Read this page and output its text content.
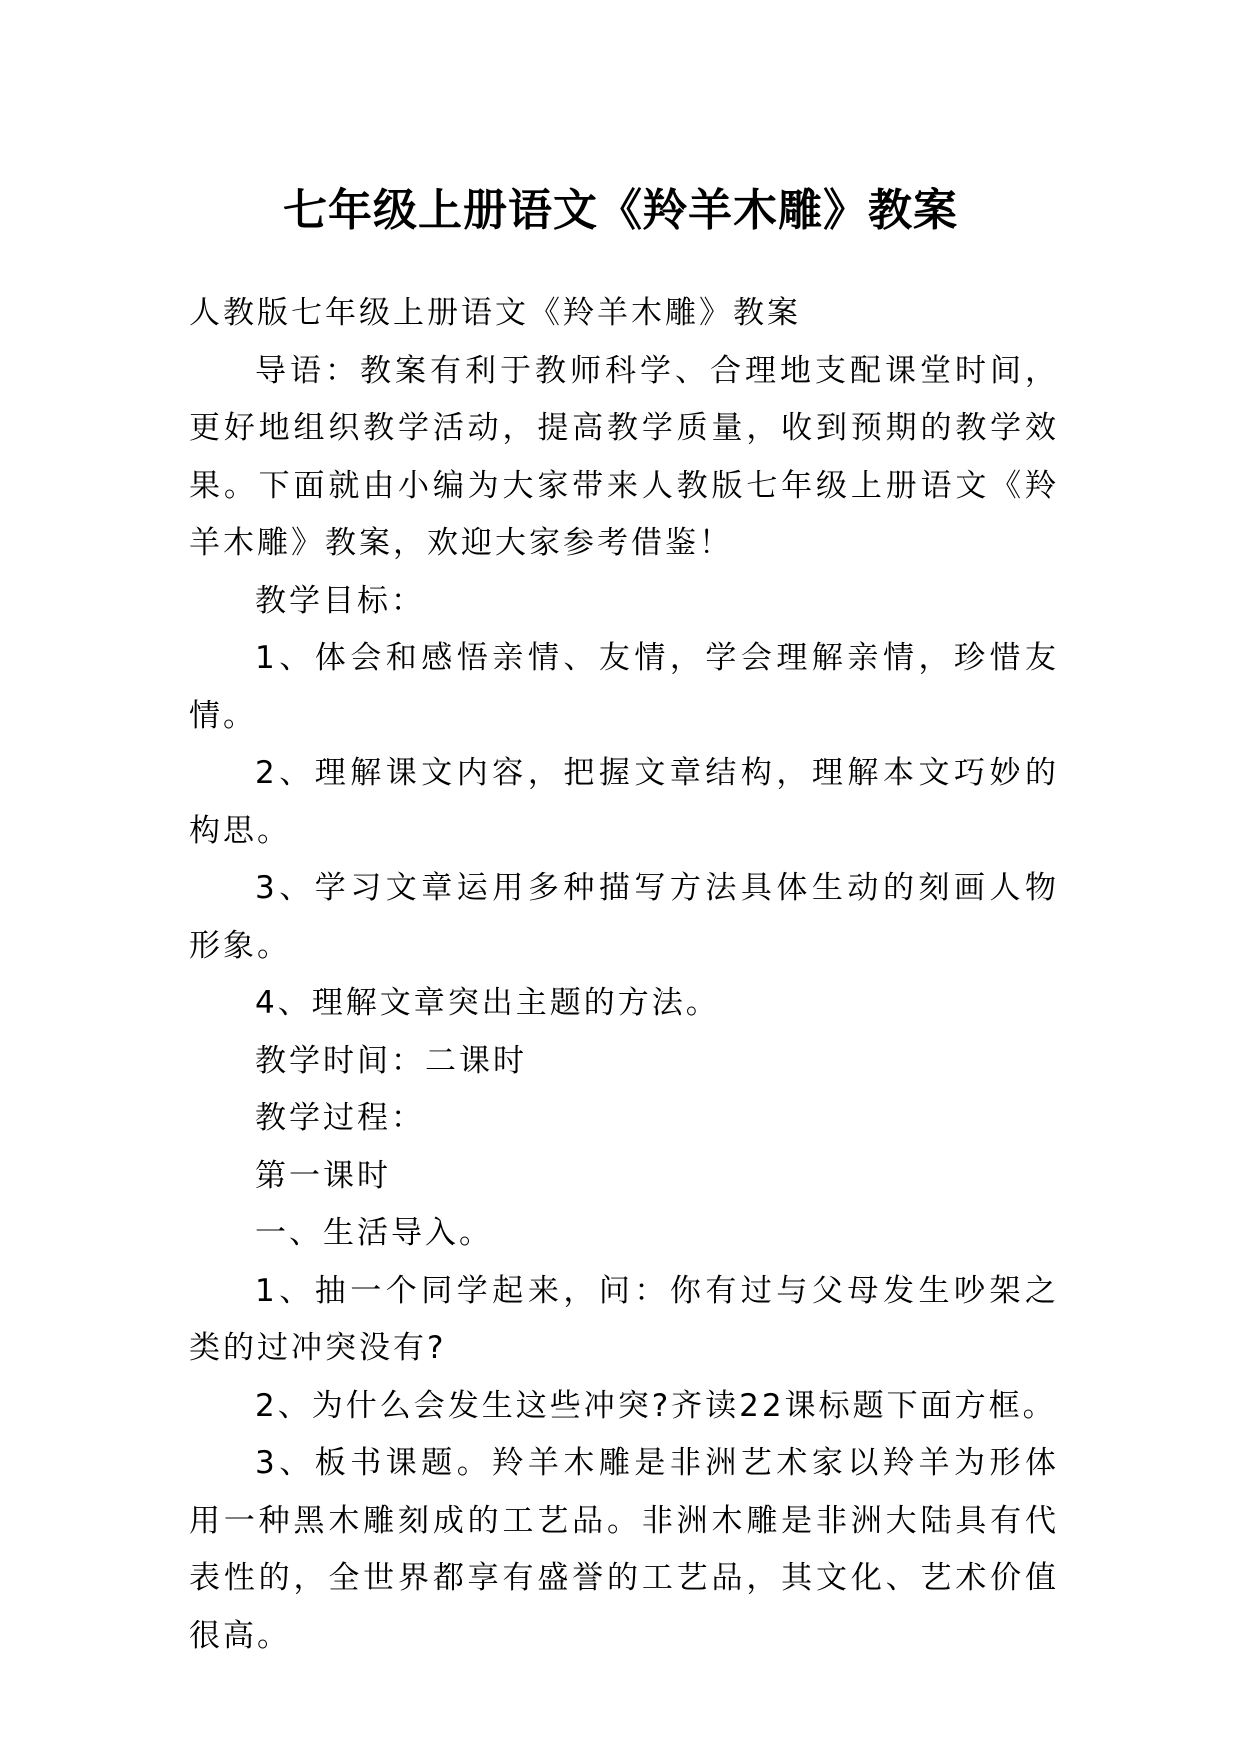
七年级上册语文《羚羊木雕》教案

人教版七年级上册语文《羚羊木雕》教案

导语：教案有利于教师科学、合理地支配课堂时间，更好地组织教学活动，提高教学质量，收到预期的教学效果。下面就由小编为大家带来人教版七年级上册语文《羚羊木雕》教案，欢迎大家参考借鉴！

教学目标：

1、体会和感悟亲情、友情，学会理解亲情，珍惜友情。

2、理解课文内容，把握文章结构，理解本文巧妙的构思。

3、学习文章运用多种描写方法具体生动的刻画人物形象。

4、理解文章突出主题的方法。

教学时间：二课时

教学过程：

第一课时

一、生活导入。

1、抽一个同学起来，问：你有过与父母发生吵架之类的过冲突没有?

2、为什么会发生这些冲突?齐读22课标题下面方框。

3、板书课题。羚羊木雕是非洲艺术家以羚羊为形体用一种黑木雕刻成的工艺品。非洲木雕是非洲大陆具有代表性的，全世界都享有盛誉的工艺品，其文化、艺术价值很高。
